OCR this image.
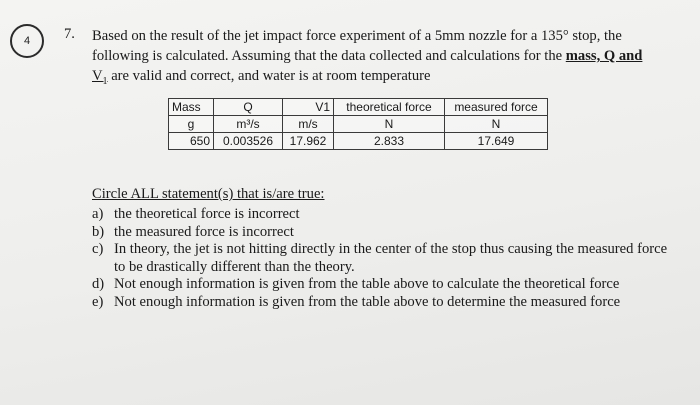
4	7. Based on the result of the jet impact force experiment of a 5mm nozzle for a 135° stop, the
following is calculated. Assuming that the data collected and calculations for the mass, Q and
$V_1$ are valid and correct, and water is at room temperature
Mass	Q	V1	theoretical force	measured force
g	m³/s	m/s	N	N
650	0.003526	17.962	2.833	17.649
Circle ALL statement(s) that is/are true:
a) the theoretical force is incorrect
b) the measured force is incorrect
c) In theory, the jet is not hitting directly in the center of the stop thus causing the measured force to be drastically different than the theory.
d) Not enough information is given from the table above to calculate the theoretical force
e) Not enough information is given from the table above to determine the measured force
